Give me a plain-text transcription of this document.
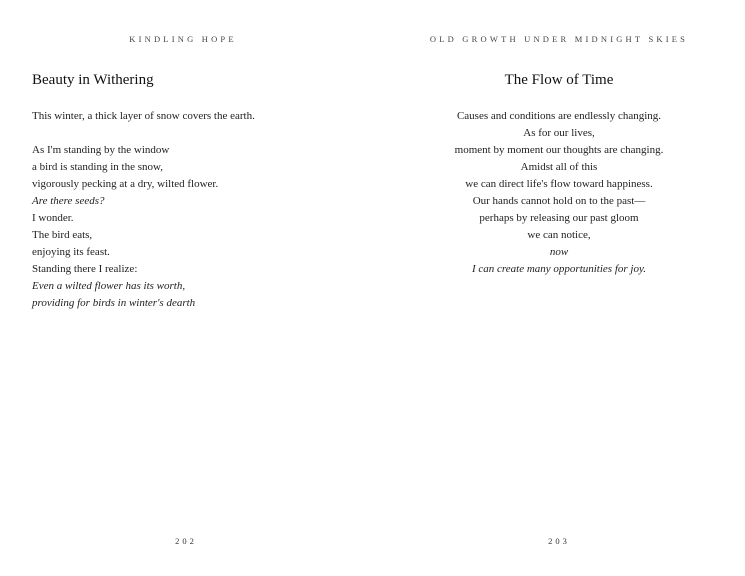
KINDLING HOPE
Beauty in Withering
This winter, a thick layer of snow covers the earth.
As I'm standing by the window
a bird is standing in the snow,
vigorously pecking at a dry, wilted flower.
Are there seeds?
I wonder.
The bird eats,
enjoying its feast.
Standing there I realize:
Even a wilted flower has its worth,
providing for birds in winter's dearth
202
OLD GROWTH UNDER MIDNIGHT SKIES
The Flow of Time
Causes and conditions are endlessly changing.
As for our lives,
moment by moment our thoughts are changing.
Amidst all of this
we can direct life's flow toward happiness.
Our hands cannot hold on to the past—
perhaps by releasing our past gloom
we can notice,
now
I can create many opportunities for joy.
203
